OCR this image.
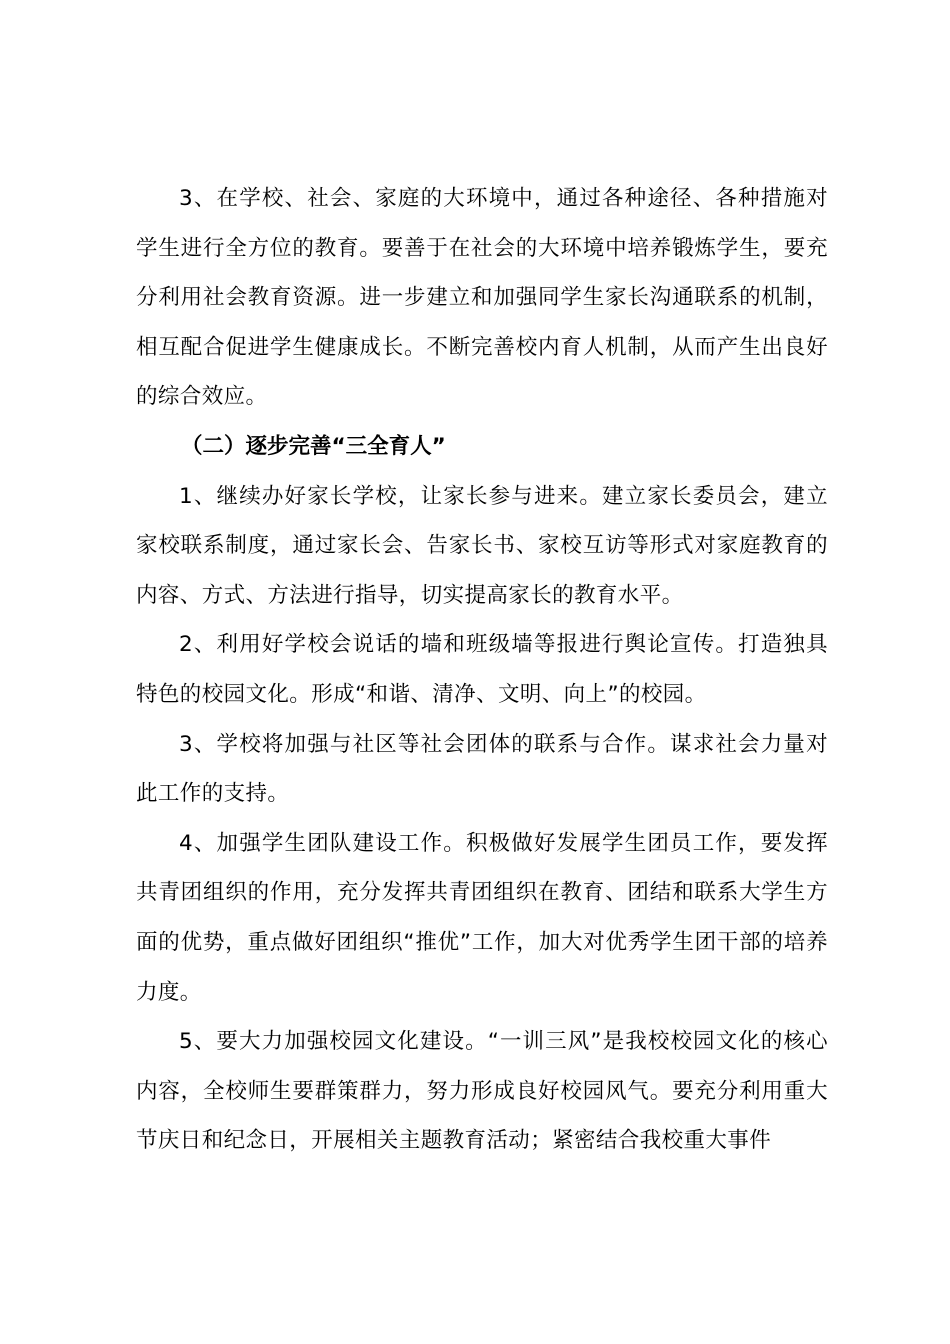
3、在学校、社会、家庭的大环境中，通过各种途径、各种措施对学生进行全方位的教育。要善于在社会的大环境中培养锻炼学生，要充分利用社会教育资源。进一步建立和加强同学生家长沟通联系的机制，相互配合促进学生健康成长。不断完善校内育人机制，从而产生出良好的综合效应。

（二）逐步完善“三全育人”

1、继续办好家长学校，让家长参与进来。建立家长委员会，建立家校联系制度，通过家长会、告家长书、家校互访等形式对家庭教育的内容、方式、方法进行指导，切实提高家长的教育水平。

2、利用好学校会说话的墙和班级墙等报进行舆论宣传。打造独具特色的校园文化。形成“和谐、清净、文明、向上”的校园。

3、学校将加强与社区等社会团体的联系与合作。谋求社会力量对此工作的支持。

4、加强学生团队建设工作。积极做好发展学生团员工作，要发挥共青团组织的作用，充分发挥共青团组织在教育、团结和联系大学生方面的优势，重点做好团组织“推优”工作，加大对优秀学生团干部的培养力度。

5、要大力加强校园文化建设。“一训三风”是我校校园文化的核心内容，全校师生要群策群力，努力形成良好校园风气。要充分利用重大节庆日和纪念日，开展相关主题教育活动；紧密结合我校重大事件
